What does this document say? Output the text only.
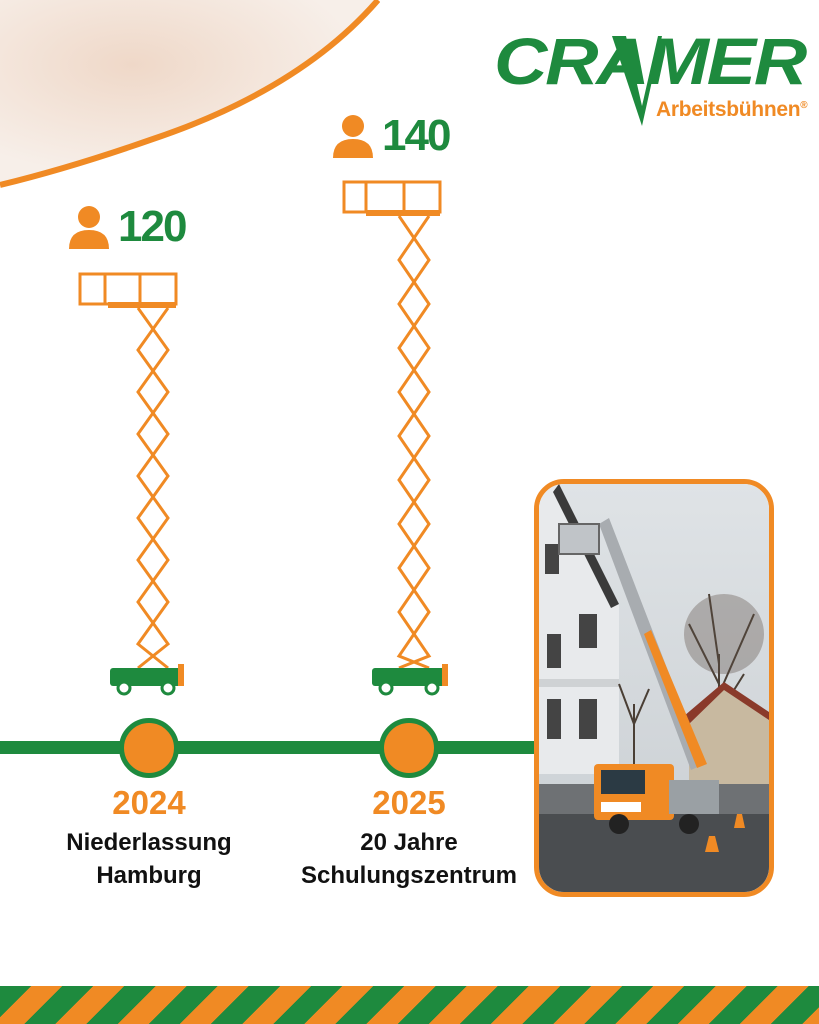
CRAMER
Arbeitsbühnen®
120
140
2024
Niederlassung
Hamburg
2025
20 Jahre
Schulungszentrum
